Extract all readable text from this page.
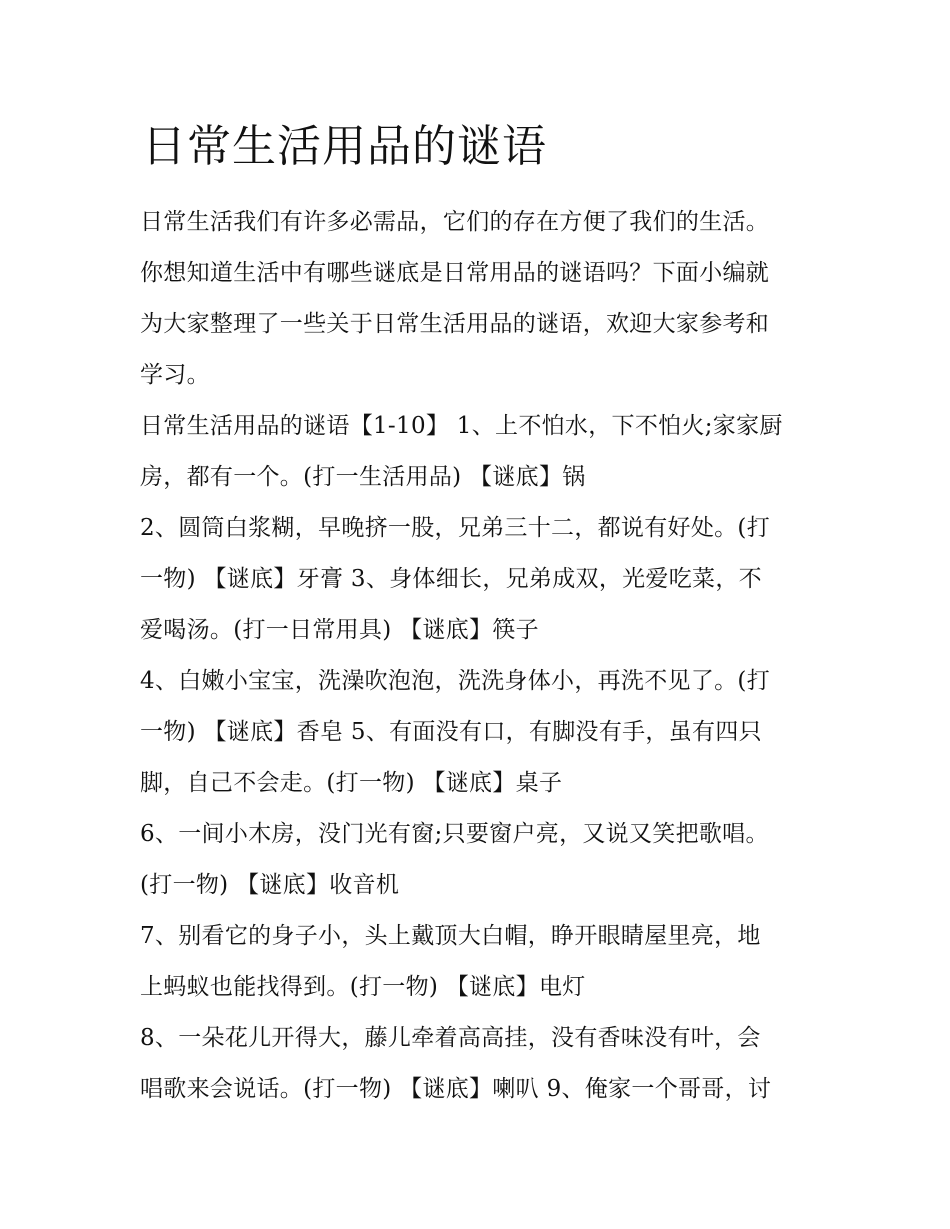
日常生活用品的谜语

日常生活我们有许多必需品，它们的存在方便了我们的生活。

你想知道生活中有哪些谜底是日常用品的谜语吗？下面小编就

为大家整理了一些关于日常生活用品的谜语，欢迎大家参考和

学习。

日常生活用品的谜语【1-10】 1、上不怕水，下不怕火;家家厨

房，都有一个。(打一生活用品) 【谜底】锅

2、圆筒白浆糊，早晚挤一股，兄弟三十二，都说有好处。(打

一物) 【谜底】牙膏 3、身体细长，兄弟成双，光爱吃菜，不

爱喝汤。(打一日常用具) 【谜底】筷子

4、白嫩小宝宝，洗澡吹泡泡，洗洗身体小，再洗不见了。(打

一物) 【谜底】香皂 5、有面没有口，有脚没有手，虽有四只

脚，自己不会走。(打一物) 【谜底】桌子

6、一间小木房，没门光有窗;只要窗户亮，又说又笑把歌唱。

(打一物) 【谜底】收音机

7、别看它的身子小，头上戴顶大白帽，睁开眼睛屋里亮，地

上蚂蚁也能找得到。(打一物) 【谜底】电灯

8、一朵花儿开得大，藤儿牵着高高挂，没有香味没有叶，会

唱歌来会说话。(打一物) 【谜底】喇叭 9、俺家一个哥哥，讨
